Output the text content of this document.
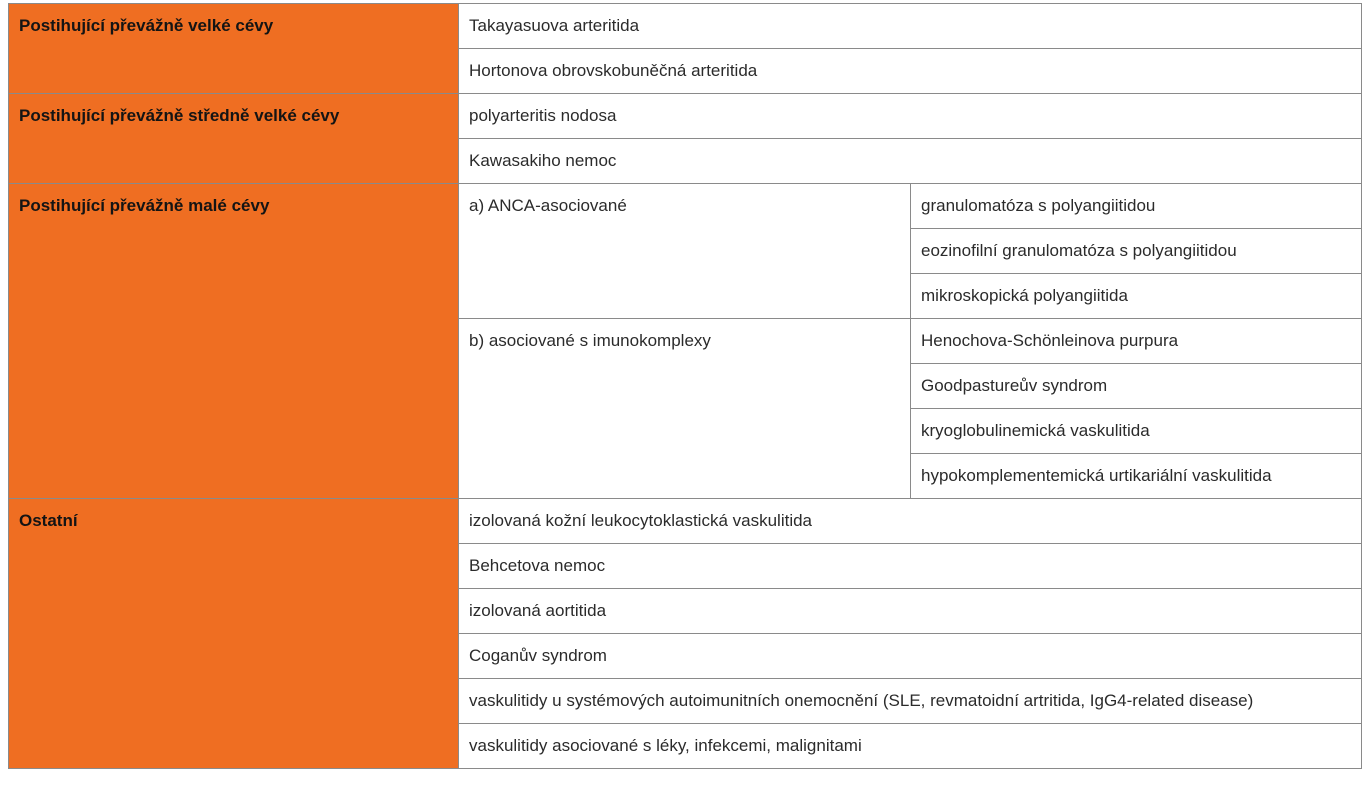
Postihující převážně velké cévy	Takayasuova arteritida	
	Hortonova obrovskobuněčná arteritida	
Postihující převážně středně velké cévy	polyarteritis nodosa	
	Kawasakiho nemoc	
Postihující převážně malé cévy	a) ANCA-asociované	granulomatóza s polyangiitidou
		eozinofilní granulomatóza s polyangiitidou
		mikroskopická polyangiitida
	b) asociované s imunokomplexy	Henochova-Schönleinova purpura
		Goodpastureův syndrom
		kryoglobulinemická vaskulitida
		hypokomplementemická urtikariální vaskulitida
Ostatní	izolovaná kožní leukocytoklastická vaskulitida	
	Behcetova nemoc	
	izolovaná aortitida	
	Coganův syndrom	
	vaskulitidy u systémových autoimunitních onemocnění (SLE, revmatoidní artritida, IgG4-related disease)	
	vaskulitidy asociované s léky, infekcemi, malignitami	
